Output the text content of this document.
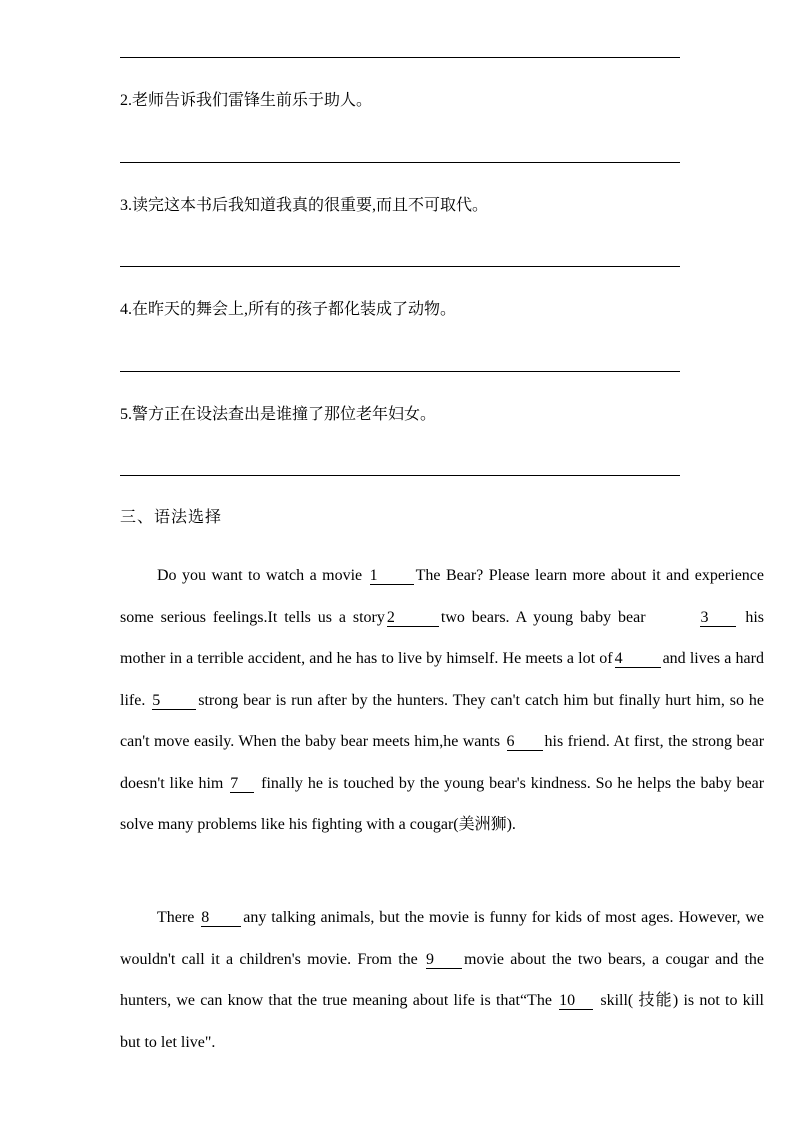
2.老师告诉我们雷锋生前乐于助人。
3.读完这本书后我知道我真的很重要,而且不可取代。
4.在昨天的舞会上,所有的孩子都化装成了动物。
5.警方正在设法查出是谁撞了那位老年妇女。
三、语法选择
Do you want to watch a movie 1 The Bear? Please learn more about it and experience some serious feelings.It tells us a story 2	two bears. A young baby bear	3 his mother in a terrible accident, and he has to live by himself. He meets a lot of 4	and lives a hard life. 5 strong bear is run after by the hunters. They can't catch him but finally hurt him, so he can't move easily. When the baby bear meets him,he wants 6 his friend. At first, the strong bear doesn't like him 7 finally he is touched by the young bear's kindness. So he helps the baby bear solve many problems like his fighting with a cougar(美洲狮).
There 8 any talking animals, but the movie is funny for kids of most ages. However, we wouldn't call it a children's movie. From the 9 movie about the two bears, a cougar and the hunters, we can know that the true meaning about life is that“The 10 skill( 技能) is not to kill but to let live".
